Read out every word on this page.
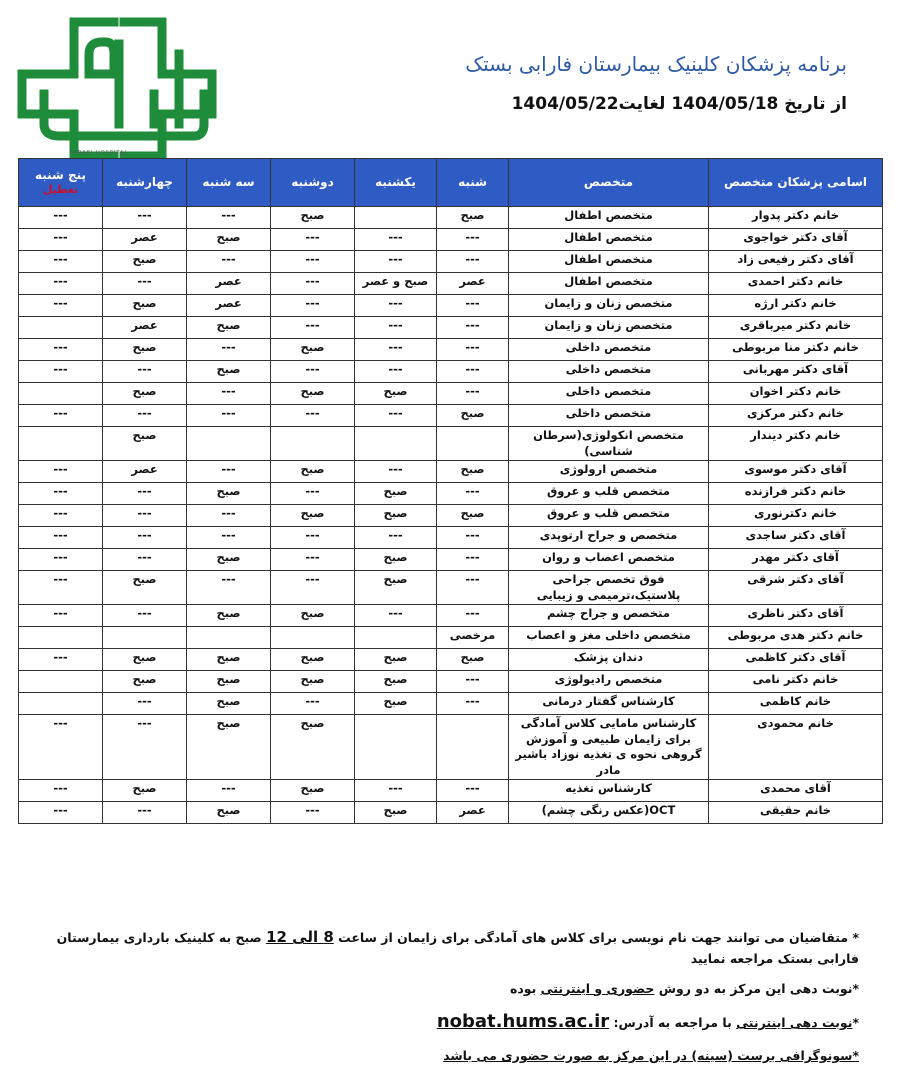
FARABI HOSPITAL
برنامه پزشکان کلینیک بیمارستان فارابی بستک
از تاریخ 1404/05/18 لغایت1404/05/22
اسامی پزشکان متخصص	متخصص	شنبه	یکشنبه	دوشنبه	سه شنبه	چهارشنبه	پنج شنبه
تعطیل

خانم دکتر پدوار	متخصص اطفال	صبح		صبح	---	---	---
آقای دکتر خواجوی	متخصص اطفال	---	---	---	صبح	عصر	---
آقای دکتر رفیعی زاد	متخصص اطفال	---	---	---	---	صبح	---
خانم دکتر احمدی	متخصص اطفال	عصر	صبح و عصر	---	عصر	---	---
خانم دکتر ارژه	متخصص زنان و زایمان	---	---	---	عصر	صبح	---
خانم دکتر میرباقری	متخصص زنان و زایمان	---	---	---	صبح	عصر	
خانم دکتر منا مربوطی	متخصص داخلی	---	---	صبح	---	صبح	---
آقای دکتر مهربانی	متخصص داخلی	---	---	---	صبح	---	---
خانم دکتر اخوان	متخصص داخلی	---	صبح	صبح	---	صبح	
خانم دکتر مرکزی	متخصص داخلی	صبح	---	---	---	---	---
خانم دکتر دیندار	متخصص انکولوژی(سرطان شناسی)					صبح	
آقای دکتر موسوی	متخصص ارولوژی	صبح	---	صبح	---	عصر	---
خانم دکتر فرازنده	متخصص قلب و عروق	---	صبح	---	صبح	---	---
خانم دکترنوری	متخصص قلب و عروق	صبح	صبح	صبح	---	---	---
آقای دکتر ساجدی	متخصص و جراح ارتوپدی	---	---	---	---	---	---
آقای دکتر مهدر	متخصص اعصاب و روان	---	صبح	---	صبح	---	---
آقای دکتر شرقی	فوق تخصص جراحی پلاستیک،ترمیمی و زیبایی	---	صبح	---	---	صبح	---
آقای دکتر ناظری	متخصص و جراح چشم	---	---	صبح	صبح	---	---
خانم دکتر هدی مربوطی	متخصص داخلی مغز و اعصاب	مرخصی					
آقای دکتر کاظمی	دندان پزشک	صبح	صبح	صبح	صبح	صبح	---
خانم دکتر نامی	متخصص رادیولوژی	---	صبح	صبح	صبح	صبح	
خانم کاظمی	کارشناس گفتار درمانی	---	صبح	---	صبح	---	
خانم محمودی	کارشناس مامایی کلاس آمادگی برای زایمان طبیعی و آموزش گروهی نحوه ی تغذیه نوزاد باشیر مادر			صبح	صبح	---	---
آقای محمدی	کارشناس تغذیه	---	---	صبح	---	صبح	---
خانم حقیقی	OCT(عکس رنگی چشم)	عصر	صبح	---	صبح	---	---

* متقاضیان می توانند جهت نام نویسی برای کلاس های آمادگی برای زایمان از ساعت 8 الی 12 صبح به کلینیک بارداری بیمارستان فارابی بستک مراجعه نمایید

*نوبت دهی این مرکز به دو روش حضوری و اینترنتی بوده

*نوبت دهی اینترنتی با مراجعه به آدرس: nobat.hums.ac.ir

*سونوگرافی برست (سینه) در این مرکز به صورت حضوری می باشد
